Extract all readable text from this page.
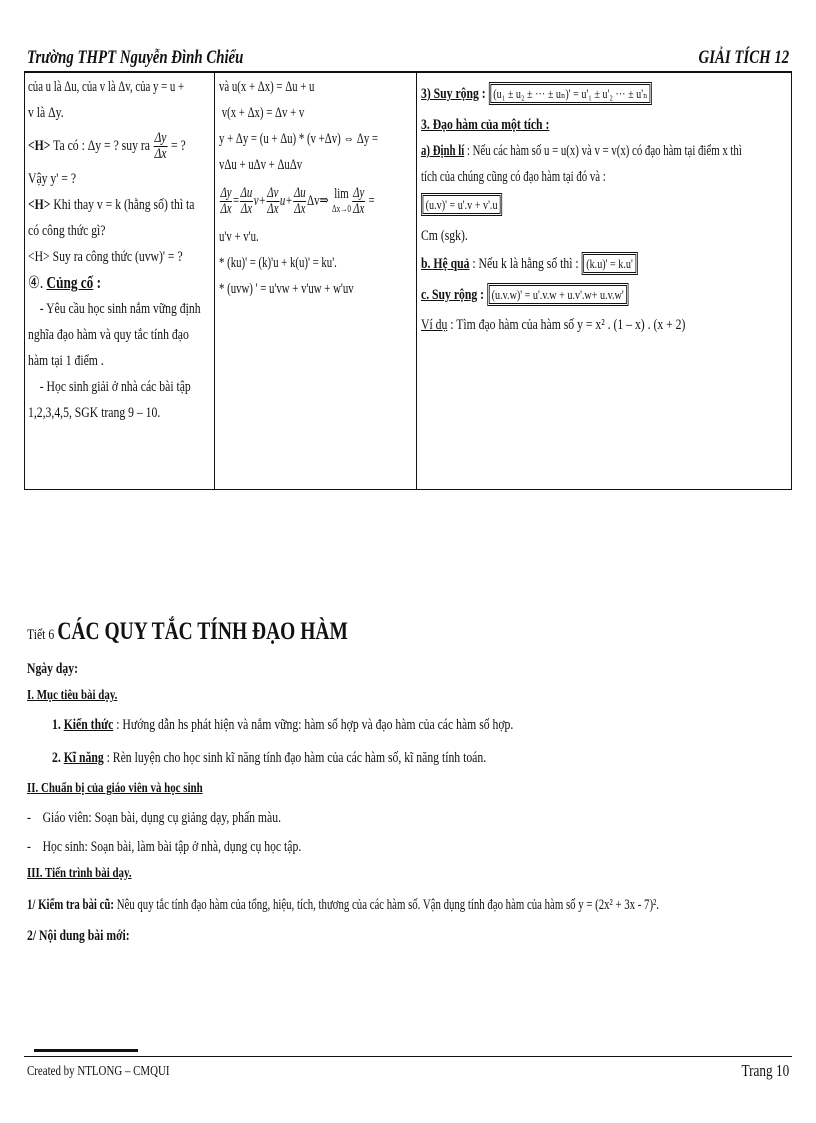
Trường THPT Nguyễn Đình Chiểu	GIẢI TÍCH 12
của u là Δu, của v là Δv, của y = u +
v là Δy.
<H> Ta có : Δy = ? suy ra $\frac{\Delta y}{\Delta x}$ = ?
Vậy y' = ?
<H> Khi thay v = k (hằng số) thì ta
có công thức gì?
<H> Suy ra công thức (uvw)' = ?
④. Củng cố :
- Yêu cầu học sinh nắm vững định
nghĩa đạo hàm và quy tắc tính đạo
hàm tại 1 điểm .
- Học sinh giải ở nhà các bài tập
1,2,3,4,5, SGK trang 9 – 10.
và u(x + Δx) = Δu + u
v(x + Δx) = Δv + v
y + Δy = (u + Δu) * (v +Δv) ⇔ Δy =
vΔu + uΔv + ΔuΔv
$\frac{\Delta y}{\Delta x} = \frac{\Delta u}{\Delta x} v+ \frac{\Delta v}{\Delta x} u+ \frac{\Delta u}{\Delta x}$ Δv⇒ lim
$\Delta x\to 0 \frac{\Delta y}{\Delta x}$ =
u'v + v'u.
* (ku)' = (k)'u + k(u)' = ku'.
* (uvw) ' = u'vw + v'uw + w'uv
3) Suy rộng : (u₁ ± u₂ ± ··· ± uₙ)' = u'₁ ± u'₂ ··· ± u'ₙ
3. Đạo hàm của một tích :
a) Định lí : Nếu các hàm số u = u(x) và v = v(x) có đạo hàm tại điểm x thì
tích của chúng cũng có đạo hàm tại đó và :
(u.v)' = u'.v + v'.u
Cm (sgk).
b. Hệ quả : Nếu k là hằng số thì : (k.u)' = k.u'
c. Suy rộng : (u.v.w)' = u'.v.w + u.v'.w+ u.v.w'
Ví dụ : Tìm đạo hàm của hàm số y = x² . (1 – x) . (x + 2)
Tiết 6 CÁC QUY TẮC TÍNH ĐẠO HÀM
Ngày dạy:
I. Mục tiêu bài dạy.
1. Kiến thức : Hướng dẫn hs phát hiện và nắm vững: hàm số hợp và đạo hàm của các hàm số hợp.
2. Kĩ năng : Rèn luyện cho học sinh kĩ năng tính đạo hàm của các hàm số, kĩ năng tính toán.
II. Chuẩn bị của giáo viên và học sinh
-    Giáo viên: Soạn bài, dụng cụ giảng dạy, phấn màu.
-    Học sinh: Soạn bài, làm bài tập ở nhà, dụng cụ học tập.
III. Tiến trình bài dạy.
1/ Kiểm tra bài cũ: Nêu quy tắc tính đạo hàm của tổng, hiệu, tích, thương của các hàm số. Vận dụng tính đạo hàm của hàm số y = (2x² + 3x - 7)².
2/ Nội dung bài mới:
Created by NTLONG – CMQUI	Trang 10
